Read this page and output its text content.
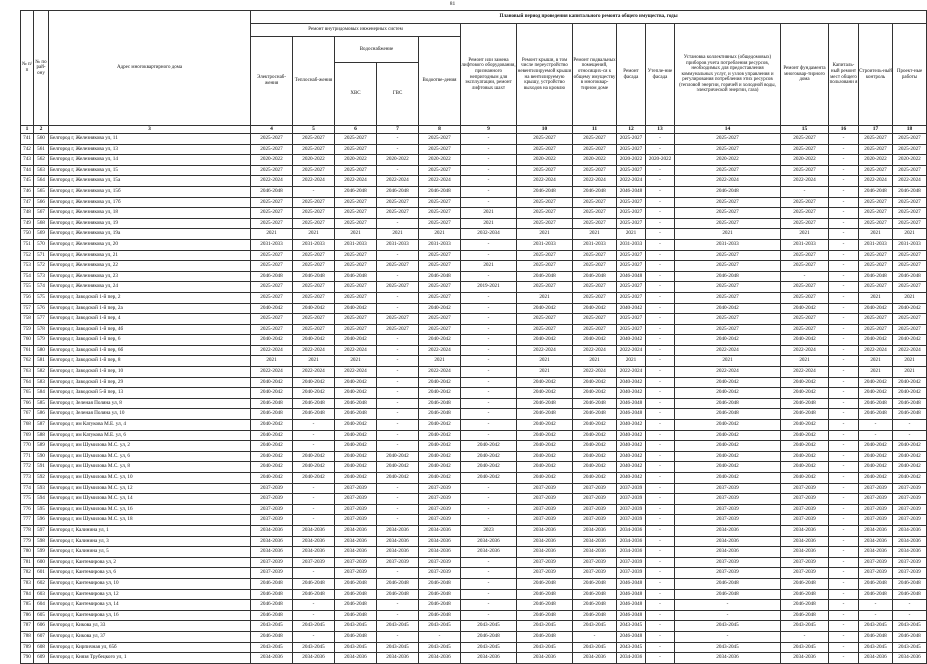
81
№ п/п	№ по рай-ону	Адрес многоквартирного дома	Плановый период проведения капитального ремонта общего имущества, годы														
			Ремонт внутридомовых инженерных систем					Ремонт или замена лифтового оборудования, признанного непригодным для эксплуатации, ремонт лифтовых шахт	Ремонт крыши, в том числе переустройство невентилируемой крыши на вентилируемую крышу, устройство выходов на кровлю	Ремонт подвальных помещений, относящих-ся к общему имуществу в многоквар-тирном доме	Ремонт фасада	Утепле-ние фасада	Установка коллективных (общедомовых) приборов учета потребления ресурсов, необходимых для предоставления коммунальных услуг, и узлов управления и регулирования потребления этих ресурсов (тепловой энергии, горячей и холодной воды, электрической энергии, газа)	Ремонт фундамента многоквар-тирного дома	Капиталь-ный ремонт мест общего пользовани я	Строитель-ный контроль	Проект-ные работы
			Электроснаб-жения	Теплоснаб-жения	Водоснабжение		Водоотве-дения										
					ХВС	ГВС											
1	2	3	4	5	6	7	8	9	10	11	12	13	14	15	16	17	18
741	560	Белгород г, Железнякова ул, 11	2025-2027	2025-2027	2025-2027	-	2025-2027	-	2025-2027	2025-2027	2025-2027	-	2025-2027	2025-2027	-	2025-2027	2025-2027
742	561	Белгород г, Железнякова ул, 13	2025-2027	2025-2027	2025-2027	-	2025-2027	-	2025-2027	2025-2027	2025-2027	-	2025-2027	2025-2027	-	2025-2027	2025-2027
743	562	Белгород г, Железнякова ул, 14	2020-2022	2020-2022	2020-2022	2020-2022	2020-2022	-	2020-2022	2020-2022	2020-2022	2020-2022	2020-2022	2020-2022	-	2020-2022	2020-2022
744	563	Белгород г, Железнякова ул, 15	2025-2027	2025-2027	2025-2027	-	2025-2027	-	2025-2027	2025-2027	2025-2027	-	2025-2027	2025-2027	-	2025-2027	2025-2027
745	564	Белгород г, Железнякова ул, 15а	2022-2024	2022-2024	2022-2024	2022-2024	2022-2024	-	2022-2024	2022-2024	2022-2024	-	2022-2024	2022-2024	-	2022-2024	2022-2024
746	565	Белгород г, Железнякова ул, 15б	2046-2048	-	2046-2048	2046-2048	2046-2048	-	2046-2048	2046-2048	2046-2048	-	2046-2048	-	-	2046-2048	2046-2048
747	566	Белгород г, Железнякова ул, 17б	2025-2027	2025-2027	2025-2027	2025-2027	2025-2027	-	2025-2027	2025-2027	2025-2027	-	2025-2027	2025-2027	-	2025-2027	2025-2027
748	567	Белгород г, Железнякова ул, 18	2025-2027	2025-2027	2025-2027	2025-2027	2025-2027	2021	2025-2027	2025-2027	2025-2027	-	2025-2027	2025-2027	-	2025-2027	2025-2027
749	568	Белгород г, Железнякова ул, 19	2025-2027	2025-2027	2025-2027	-	2025-2027	2021	2025-2027	2025-2027	2025-2027	-	2025-2027	2025-2027	-	2025-2027	2025-2027
750	569	Белгород г, Железнякова ул, 19а	2021	2021	2021	2021	2021	2032-2034	2021	2021	2021	-	2021	2021	-	2021	2021
751	570	Белгород г, Железнякова ул, 20	2031-2033	2031-2033	2031-2033	2031-2033	2031-2033	-	2031-2033	2031-2033	2031-2033	-	2031-2033	2031-2033	-	2031-2033	2031-2033
752	571	Белгород г, Железнякова ул, 21	2025-2027	2025-2027	2025-2027	-	2025-2027	-	2025-2027	2025-2027	2025-2027	-	2025-2027	2025-2027	-	2025-2027	2025-2027
753	572	Белгород г, Железнякова ул, 22	2025-2027	2025-2027	2025-2027	2025-2027	2025-2027	2021	2025-2027	2025-2027	2025-2027	-	2025-2027	2025-2027	-	2025-2027	2025-2027
754	573	Белгород г, Железнякова ул, 23	2046-2048	2046-2048	2046-2048	-	2046-2048	-	2046-2048	2046-2048	2046-2048	-	2046-2048	-	-	2046-2048	2046-2048
755	574	Белгород г, Железнякова ул, 24	2025-2027	2025-2027	2025-2027	2025-2027	2025-2027	2019-2021	2025-2027	2025-2027	2025-2027	-	2025-2027	2025-2027	-	2025-2027	2025-2027
756	575	Белгород г, Заводской 1-й пер, 2	2025-2027	2025-2027	2025-2027	-	2025-2027	-	2021	2025-2027	2025-2027	-	2025-2027	2025-2027	-	2021	2021
757	576	Белгород г, Заводской 1-й пер, 2а	2040-2042	2040-2042	2040-2042	-	2040-2042	-	2040-2042	2040-2042	2040-2042	-	2040-2042	2040-2042	-	2040-2042	2040-2042
758	577	Белгород г, Заводской 1-й пер, 4	2025-2027	2025-2027	2025-2027	2025-2027	2025-2027	-	2025-2027	2025-2027	2025-2027	-	2025-2027	2025-2027	-	2025-2027	2025-2027
759	578	Белгород г, Заводской 1-й пер, 4б	2025-2027	2025-2027	2025-2027	2025-2027	2025-2027	-	2025-2027	2025-2027	2025-2027	-	2025-2027	2025-2027	-	2025-2027	2025-2027
760	579	Белгород г, Заводской 1-й пер, 6	2040-2042	2040-2042	2040-2042	-	2040-2042	-	2040-2042	2040-2042	2040-2042	-	2040-2042	2040-2042	-	2040-2042	2040-2042
761	580	Белгород г, Заводской 1-й пер, 6б	2022-2024	2022-2024	2022-2024	-	2022-2024	-	2022-2024	2022-2024	2022-2024	-	2022-2024	2022-2024	-	2022-2024	2022-2024
762	581	Белгород г, Заводской 1-й пер, 8	2021	2021	2021	-	2021	-	2021	2021	2021	-	2021	2021	-	2021	2021
763	582	Белгород г, Заводской 1-й пер, 10	2022-2024	2022-2024	2022-2024	-	2022-2024	-	2021	2022-2024	2022-2024	-	2022-2024	2022-2024	-	2021	2021
764	583	Белгород г, Заводской 1-й пер, 29	2040-2042	2040-2042	2040-2042	-	2040-2042	-	2040-2042	2040-2042	2040-2042	-	2040-2042	2040-2042	-	2040-2042	2040-2042
765	584	Белгород г, Заводской 5-й пер, 13	2040-2042	2040-2042	2040-2042	-	2040-2042	-	2040-2042	2040-2042	2040-2042	-	2040-2042	2040-2042	-	2040-2042	2040-2042
766	585	Белгород г, Зеленая Поляна ул, 8	2046-2048	2046-2048	2046-2048	-	2046-2048	-	2046-2048	2046-2048	2046-2048	-	2046-2048	2046-2048	-	2046-2048	2046-2048
767	586	Белгород г, Зеленая Поляна ул, 10	2046-2048	2046-2048	2046-2048	-	2046-2048	-	2046-2048	2046-2048	2046-2048	-	2046-2048	2046-2048	-	2046-2048	2046-2048
768	587	Белгород г, им Катукова М.Е. ул, 4	2040-2042	-	2040-2042	-	2040-2042	-	2040-2042	2040-2042	2040-2042	-	2040-2042	2040-2042	-	-	-
769	588	Белгород г, им Катукова М.Е. ул, 6	2040-2042	-	2040-2042	-	2040-2042	-	2040-2042	2040-2042	2040-2042	-	2040-2042	2040-2042	-	-	-
770	589	Белгород г, им Шумилова М.С. ул, 2	2040-2042	-	2040-2042	-	2040-2042	2040-2042	2040-2042	2040-2042	2040-2042	-	2040-2042	2040-2042	-	2040-2042	2040-2042
771	590	Белгород г, им Шумилова М.С. ул, 6	2040-2042	2040-2042	2040-2042	2040-2042	2040-2042	2040-2042	2040-2042	2040-2042	2040-2042	-	2040-2042	2040-2042	-	2040-2042	2040-2042
772	591	Белгород г, им Шумилова М.С. ул, 8	2040-2042	2040-2042	2040-2042	2040-2042	2040-2042	2040-2042	2040-2042	2040-2042	2040-2042	-	2040-2042	2040-2042	-	2040-2042	2040-2042
773	592	Белгород г, им Шумилова М.С. ул, 10	2040-2042	2040-2042	2040-2042	2040-2042	2040-2042	2040-2042	2040-2042	2040-2042	2040-2042	-	2040-2042	2040-2042	-	2040-2042	2040-2042
774	593	Белгород г, им Шумилова М.С. ул, 12	2037-2039	-	2037-2039	-	2037-2039	-	2037-2039	2037-2039	2037-2039	-	2037-2039	2037-2039	-	2037-2039	2037-2039
775	594	Белгород г, им Шумилова М.С. ул, 14	2037-2039	-	2037-2039	-	2037-2039	-	2037-2039	2037-2039	2037-2039	-	2037-2039	2037-2039	-	2037-2039	2037-2039
776	595	Белгород г, им Шумилова М.С. ул, 16	2037-2039	-	2037-2039	-	2037-2039	-	2037-2039	2037-2039	2037-2039	-	2037-2039	2037-2039	-	2037-2039	2037-2039
777	596	Белгород г, им Шумилова М.С. ул, 18	2037-2039	-	2037-2039	-	2037-2039	-	2037-2039	2037-2039	2037-2039	-	2037-2039	2037-2039	-	2037-2039	2037-2039
778	597	Белгород г, Калинина ул, 1	2034-2036	2034-2036	2034-2036	2034-2036	2034-2036	2023	2034-2036	2034-2036	2034-2036	-	2034-2036	2034-2036	-	2034-2036	2034-2036
779	598	Белгород г, Калинина ул, 3	2034-2036	2034-2036	2034-2036	2034-2036	2034-2036	2034-2036	2034-2036	2034-2036	2034-2036	-	2034-2036	2034-2036	-	2034-2036	2034-2036
780	599	Белгород г, Калинина ул, 5	2034-2036	2034-2036	2034-2036	2034-2036	2034-2036	2034-2036	2034-2036	2034-2036	2034-2036	-	2034-2036	2034-2036	-	2034-2036	2034-2036
781	600	Белгород г, Кантемирова ул, 2	2037-2039	2037-2039	2037-2039	2037-2039	2037-2039	-	2037-2039	2037-2039	2037-2039	-	2037-2039	2037-2039	-	2037-2039	2037-2039
782	601	Белгород г, Кантемирова ул, 6	2037-2039	-	2037-2039	-	2037-2039	-	2037-2039	2037-2039	2037-2039	-	2037-2039	2037-2039	-	2037-2039	2037-2039
783	602	Белгород г, Кантемирова ул, 10	2046-2048	2046-2048	2046-2048	2046-2048	2046-2048	-	2046-2048	2046-2048	2046-2048	-	2046-2048	2046-2048	-	2046-2048	2046-2048
784	603	Белгород г, Кантемирова ул, 12	2046-2048	2046-2048	2046-2048	2046-2048	2046-2048	-	2046-2048	2046-2048	2046-2048	-	2046-2048	2046-2048	-	2046-2048	2046-2048
785	604	Белгород г, Кантемирова ул, 14	2046-2048	-	2046-2048	-	2046-2048	-	2046-2048	2046-2048	2046-2048	-	-	2046-2048	-	-	-
786	605	Белгород г, Кантемирова ул, 16	2046-2048	-	2046-2048	-	2046-2048	-	2046-2048	2046-2048	2046-2048	-	-	2046-2048	-	-	-
787	606	Белгород г, Кикова ул, 33	2043-2045	2043-2045	2043-2045	2043-2045	2043-2045	2043-2045	2043-2045	2043-2045	2043-2045	-	2043-2045	2043-2045	-	2043-2045	2043-2045
788	607	Белгород г, Кикова ул, 37	2046-2048	-	2046-2048	-	-	2046-2048	2046-2048	-	2046-2048	-	-	-	-	2046-2048	2046-2048
789	608	Белгород г, Кирпичная ул, 65б	2043-2045	2043-2045	2043-2045	2043-2045	2043-2045	2043-2045	2043-2045	2043-2045	2043-2045	-	2043-2045	2043-2045	-	2043-2045	2043-2045
790	609	Белгород г, Князя Трубецкого ул, 1	2034-2036	2034-2036	2034-2036	2034-2036	2034-2036	2034-2036	2034-2036	2034-2036	2034-2036	-	2034-2036	2034-2036	-	2034-2036	2034-2036
